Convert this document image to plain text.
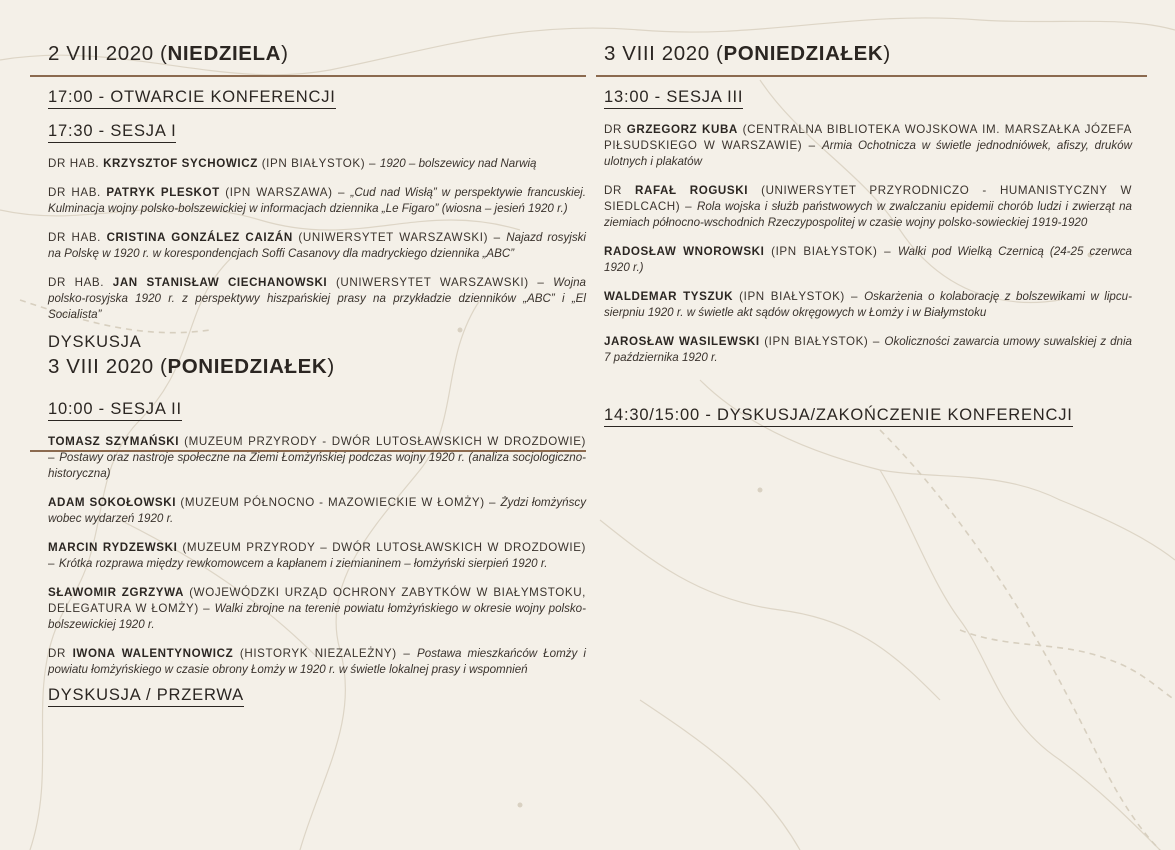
2 VIII 2020 (NIEDZIELA)
17:00 - OTWARCIE KONFERENCJI
17:30 - SESJA I
DR HAB. KRZYSZTOF SYCHOWICZ (IPN BIAŁYSTOK) – 1920 – bolszewicy nad Narwią
DR HAB. PATRYK PLESKOT (IPN WARSZAWA) – „Cud nad Wisłą” w perspektywie francuskiej. Kulminacja wojny polsko-bolszewickiej w informacjach dziennika „Le Figaro” (wiosna – jesień 1920 r.)
DR HAB. CRISTINA GONZÁLEZ CAIZÁN (UNIWERSYTET WARSZAWSKI) – Najazd rosyjski na Polskę w 1920 r. w korespondencjach Soffi Casanovy dla madryckiego dziennika „ABC”
DR HAB. JAN STANISŁAW CIECHANOWSKI (UNIWERSYTET WARSZAWSKI) – Wojna polsko-rosyjska 1920 r. z perspektywy hiszpańskiej prasy na przykładzie dzienników „ABC” i „El Socialista”
DYSKUSJA
3 VIII 2020 (PONIEDZIAŁEK)
10:00 - SESJA II
TOMASZ SZYMAŃSKI (MUZEUM PRZYRODY - DWÓR LUTOSŁAWSKICH W DROZDOWIE) – Postawy oraz nastroje społeczne na Ziemi Łomżyńskiej podczas wojny 1920 r. (analiza socjologiczno-historyczna)
ADAM SOKOŁOWSKI (MUZEUM PÓŁNOCNO - MAZOWIECKIE W ŁOMŻY) – Żydzi łomżyńscy wobec wydarzeń 1920 r.
MARCIN RYDZEWSKI (MUZEUM PRZYRODY – DWÓR LUTOSŁAWSKICH W DROZDOWIE) – Krótka rozprawa między rewkomowcem a kapłanem i ziemianinem – łomżyński sierpień 1920 r.
SŁAWOMIR ZGRZYWA (WOJEWÓDZKI URZĄD OCHRONY ZABYTKÓW W BIAŁYMSTOKU, DELEGATURA W ŁOMŻY) – Walki zbrojne na terenie powiatu łomżyńskiego w okresie wojny polsko-bolszewickiej 1920 r.
DR IWONA WALENTYNOWICZ (HISTORYK NIEZALEŻNY) – Postawa mieszkańców Łomży i powiatu łomżyńskiego w czasie obrony Łomży w 1920 r. w świetle lokalnej prasy i wspomnień
DYSKUSJA / PRZERWA
3 VIII 2020 (PONIEDZIAŁEK)
13:00 - SESJA III
DR GRZEGORZ KUBA (CENTRALNA BIBLIOTEKA WOJSKOWA IM. MARSZAŁKA JÓZEFA PIŁSUDSKIEGO W WARSZAWIE) – Armia Ochotnicza w świetle jednodniówek, afiszy, druków ulotnych i plakatów
DR RAFAŁ ROGUSKI (UNIWERSYTET PRZYRODNICZO - HUMANISTYCZNY W SIEDLCACH) – Rola wojska i służb państwowych w zwalczaniu epidemii chorób ludzi i zwierząt na ziemiach północno-wschodnich Rzeczypospolitej w czasie wojny polsko-sowieckiej 1919-1920
RADOSŁAW WNOROWSKI (IPN BIAŁYSTOK) – Walki pod Wielką Czernicą (24-25 czerwca 1920 r.)
WALDEMAR TYSZUK (IPN BIAŁYSTOK) – Oskarżenia o kolaborację z bolszewikami w lipcu-sierpniu 1920 r. w świetle akt sądów okręgowych w Łomży i w Białymstoku
JAROSŁAW WASILEWSKI (IPN BIAŁYSTOK) – Okoliczności zawarcia umowy suwalskiej z dnia 7 października 1920 r.
14:30/15:00 - DYSKUSJA/ZAKOŃCZENIE KONFERENCJI
